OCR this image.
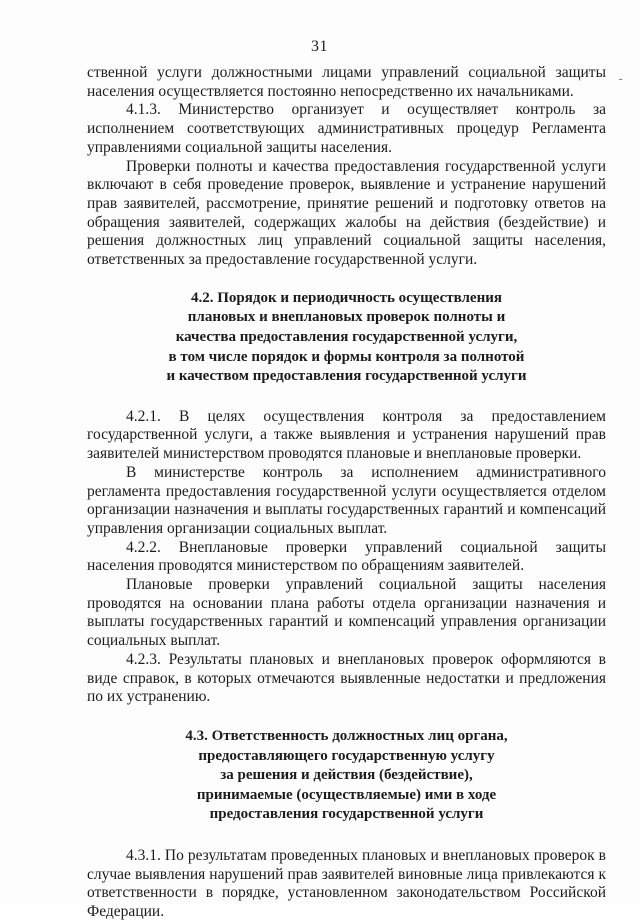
31
-

ственной услуги должностными лицами управлений социальной защиты населения осуществляется постоянно непосредственно их начальниками.

4.1.3. Министерство организует и осуществляет контроль за исполнением соответствующих административных процедур Регламента управлениями социальной защиты населения.

Проверки полноты и качества предоставления государственной услуги включают в себя проведение проверок, выявление и устранение нарушений прав заявителей, рассмотрение, принятие решений и подготовку ответов на обращения заявителей, содержащих жалобы на действия (бездействие) и решения должностных лиц управлений социальной защиты населения, ответственных за предоставление государственной услуги.

4.2. Порядок и периодичность осуществления
плановых и внеплановых проверок полноты и
качества предоставления государственной услуги,
в том числе порядок и формы контроля за полнотой
и качеством предоставления государственной услуги

4.2.1. В целях осуществления контроля за предоставлением государственной услуги, а также выявления и устранения нарушений прав заявителей министерством проводятся плановые и внеплановые проверки.

В министерстве контроль за исполнением административного регламента предоставления государственной услуги осуществляется отделом организации назначения и выплаты государственных гарантий и компенсаций управления организации социальных выплат.

4.2.2. Внеплановые проверки управлений социальной защиты населения проводятся министерством по обращениям заявителей.

Плановые проверки управлений социальной защиты населения проводятся на основании плана работы отдела организации назначения и выплаты государственных гарантий и компенсаций управления организации социальных выплат.

4.2.3. Результаты плановых и внеплановых проверок оформляются в виде справок, в которых отмечаются выявленные недостатки и предложения по их устранению.

4.3. Ответственность должностных лиц органа,
предоставляющего государственную услугу
за решения и действия (бездействие),
принимаемые (осуществляемые) ими в ходе
предоставления государственной услуги

4.3.1. По результатам проведенных плановых и внеплановых проверок в случае выявления нарушений прав заявителей виновные лица привлекаются к ответственности в порядке, установленном законодательством Российской Федерации.
